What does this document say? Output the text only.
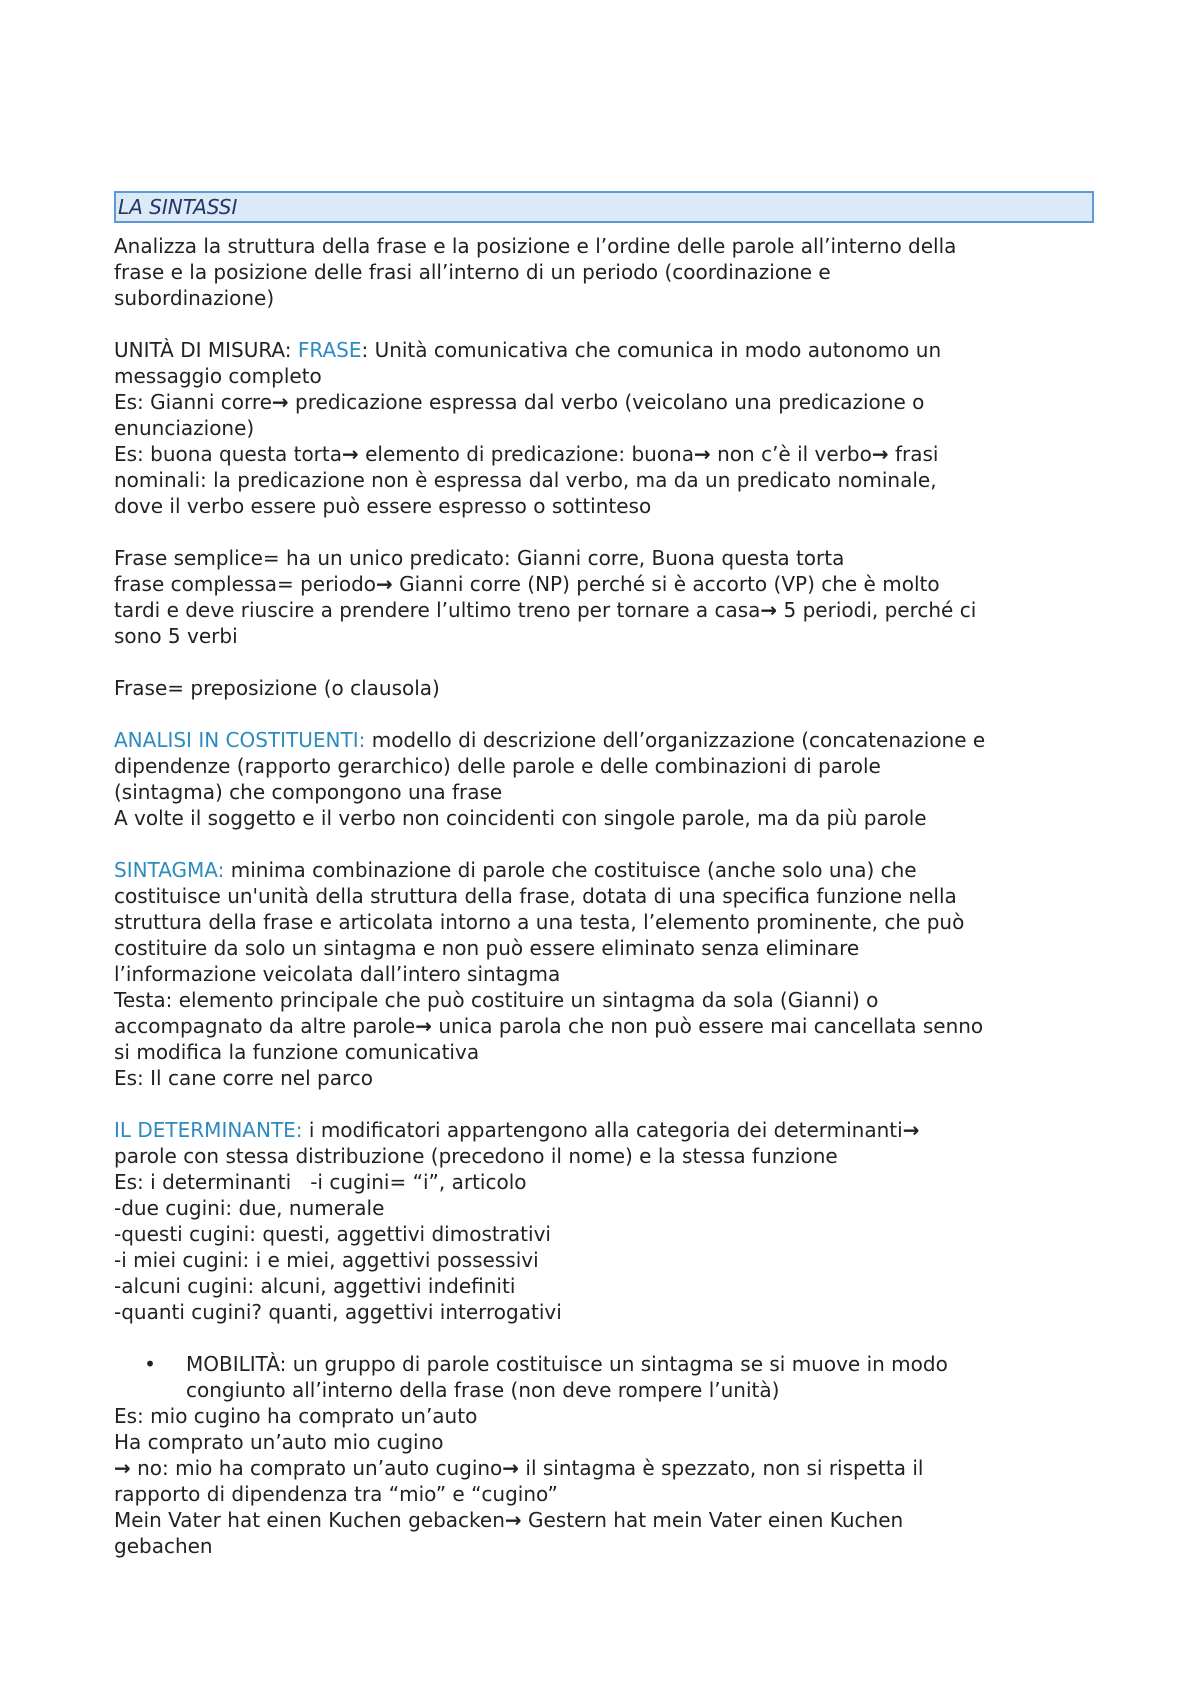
LA SINTASSI
Analizza la struttura della frase e la posizione e l’ordine delle parole all’interno della
frase e la posizione delle frasi all’interno di un periodo (coordinazione e
subordinazione)
UNITÀ DI MISURA: FRASE: Unità comunicativa che comunica in modo autonomo un
messaggio completo
Es: Gianni corre→ predicazione espressa dal verbo (veicolano una predicazione o
enunciazione)
Es: buona questa torta→ elemento di predicazione: buona→ non c’è il verbo→ frasi
nominali: la predicazione non è espressa dal verbo, ma da un predicato nominale,
dove il verbo essere può essere espresso o sottinteso
Frase semplice= ha un unico predicato: Gianni corre, Buona questa torta
frase complessa= periodo→ Gianni corre (NP) perché si è accorto (VP) che è molto
tardi e deve riuscire a prendere l’ultimo treno per tornare a casa→ 5 periodi, perché ci
sono 5 verbi
Frase= preposizione (o clausola)
ANALISI IN COSTITUENTI: modello di descrizione dell’organizzazione (concatenazione e
dipendenze (rapporto gerarchico) delle parole e delle combinazioni di parole
(sintagma) che compongono una frase
A volte il soggetto e il verbo non coincidenti con singole parole, ma da più parole
SINTAGMA: minima combinazione di parole che costituisce (anche solo una) che
costituisce un'unità della struttura della frase, dotata di una specifica funzione nella
struttura della frase e articolata intorno a una testa, l’elemento prominente, che può
costituire da solo un sintagma e non può essere eliminato senza eliminare
l’informazione veicolata dall’intero sintagma
Testa: elemento principale che può costituire un sintagma da sola (Gianni) o
accompagnato da altre parole→ unica parola che non può essere mai cancellata senno
si modifica la funzione comunicativa
Es: Il cane corre nel parco
IL DETERMINANTE: i modificatori appartengono alla categoria dei determinanti→
parole con stessa distribuzione (precedono il nome) e la stessa funzione
Es: i determinanti   -i cugini= “i”, articolo
-due cugini: due, numerale
-questi cugini: questi, aggettivi dimostrativi
-i miei cugini: i e miei, aggettivi possessivi
-alcuni cugini: alcuni, aggettivi indefiniti
-quanti cugini? quanti, aggettivi interrogativi
•	MOBILITÀ: un gruppo di parole costituisce un sintagma se si muove in modo
congiunto all’interno della frase (non deve rompere l’unità)
Es: mio cugino ha comprato un’auto
Ha comprato un’auto mio cugino
→ no: mio ha comprato un’auto cugino→ il sintagma è spezzato, non si rispetta il
rapporto di dipendenza tra “mio” e “cugino”
Mein Vater hat einen Kuchen gebacken→ Gestern hat mein Vater einen Kuchen
gebachen
